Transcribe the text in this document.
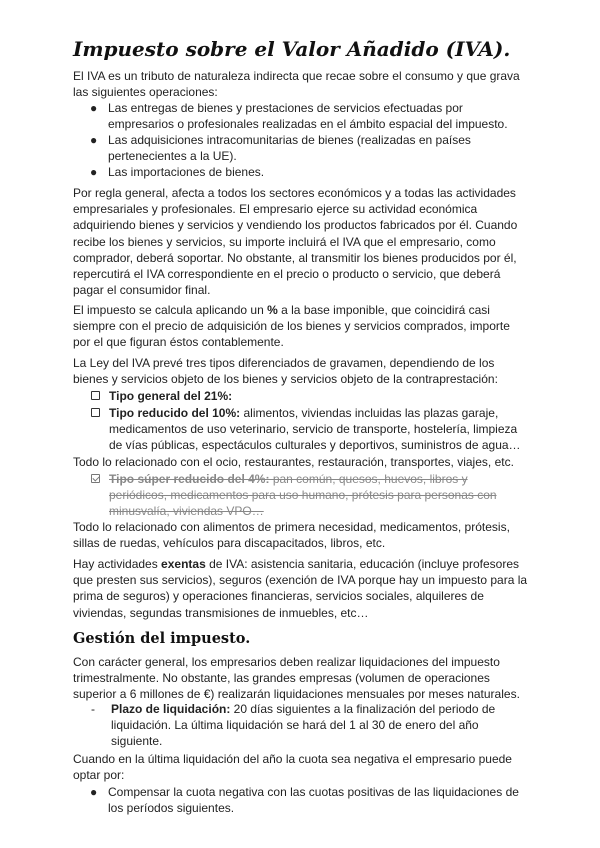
Impuesto sobre el Valor Añadido (IVA).

El IVA es un tributo de naturaleza indirecta que recae sobre el consumo y que grava las siguientes operaciones:

● Las entregas de bienes y prestaciones de servicios efectuadas por empresarios o profesionales realizadas en el ámbito espacial del impuesto.
● Las adquisiciones intracomunitarias de bienes (realizadas en países pertenecientes a la UE).
● Las importaciones de bienes.

Por regla general, afecta a todos los sectores económicos y a todas las actividades empresariales y profesionales. El empresario ejerce su actividad económica adquiriendo bienes y servicios y vendiendo los productos fabricados por él. Cuando recibe los bienes y servicios, su importe incluirá el IVA que el empresario, como comprador, deberá soportar. No obstante, al transmitir los bienes producidos por él, repercutirá el IVA correspondiente en el precio o producto o servicio, que deberá pagar el consumidor final.

El impuesto se calcula aplicando un % a la base imponible, que coincidirá casi siempre con el precio de adquisición de los bienes y servicios comprados, importe por el que figuran éstos contablemente.

La Ley del IVA prevé tres tipos diferenciados de gravamen, dependiendo de los bienes y servicios objeto de los bienes y servicios objeto de la contraprestación:

Tipo general del 21%:
Tipo reducido del 10%: alimentos, viviendas incluidas las plazas garaje, medicamentos de uso veterinario, servicio de transporte, hostelería, limpieza de vías públicas, espectáculos culturales y deportivos, suministros de agua…

Todo lo relacionado con el ocio, restaurantes, restauración, transportes, viajes, etc.

Tipo súper reducido del 4%: pan común, quesos, huevos, libros y periódicos, medicamentos para uso humano, prótesis para personas con minusvalía, viviendas VPO…

Todo lo relacionado con alimentos de primera necesidad, medicamentos, prótesis, sillas de ruedas, vehículos para discapacitados, libros, etc.

Hay actividades exentas de IVA: asistencia sanitaria, educación (incluye profesores que presten sus servicios), seguros (exención de IVA porque hay un impuesto para la prima de seguros) y operaciones financieras, servicios sociales, alquileres de viviendas, segundas transmisiones de inmuebles, etc…

Gestión del impuesto.

Con carácter general, los empresarios deben realizar liquidaciones del impuesto trimestralmente. No obstante, las grandes empresas (volumen de operaciones superior a 6 millones de €) realizarán liquidaciones mensuales por meses naturales.

-	Plazo de liquidación: 20 días siguientes a la finalización del periodo de liquidación. La última liquidación se hará del 1 al 30 de enero del año siguiente.

Cuando en la última liquidación del año la cuota sea negativa el empresario puede optar por:

● Compensar la cuota negativa con las cuotas positivas de las liquidaciones de los períodos siguientes.
